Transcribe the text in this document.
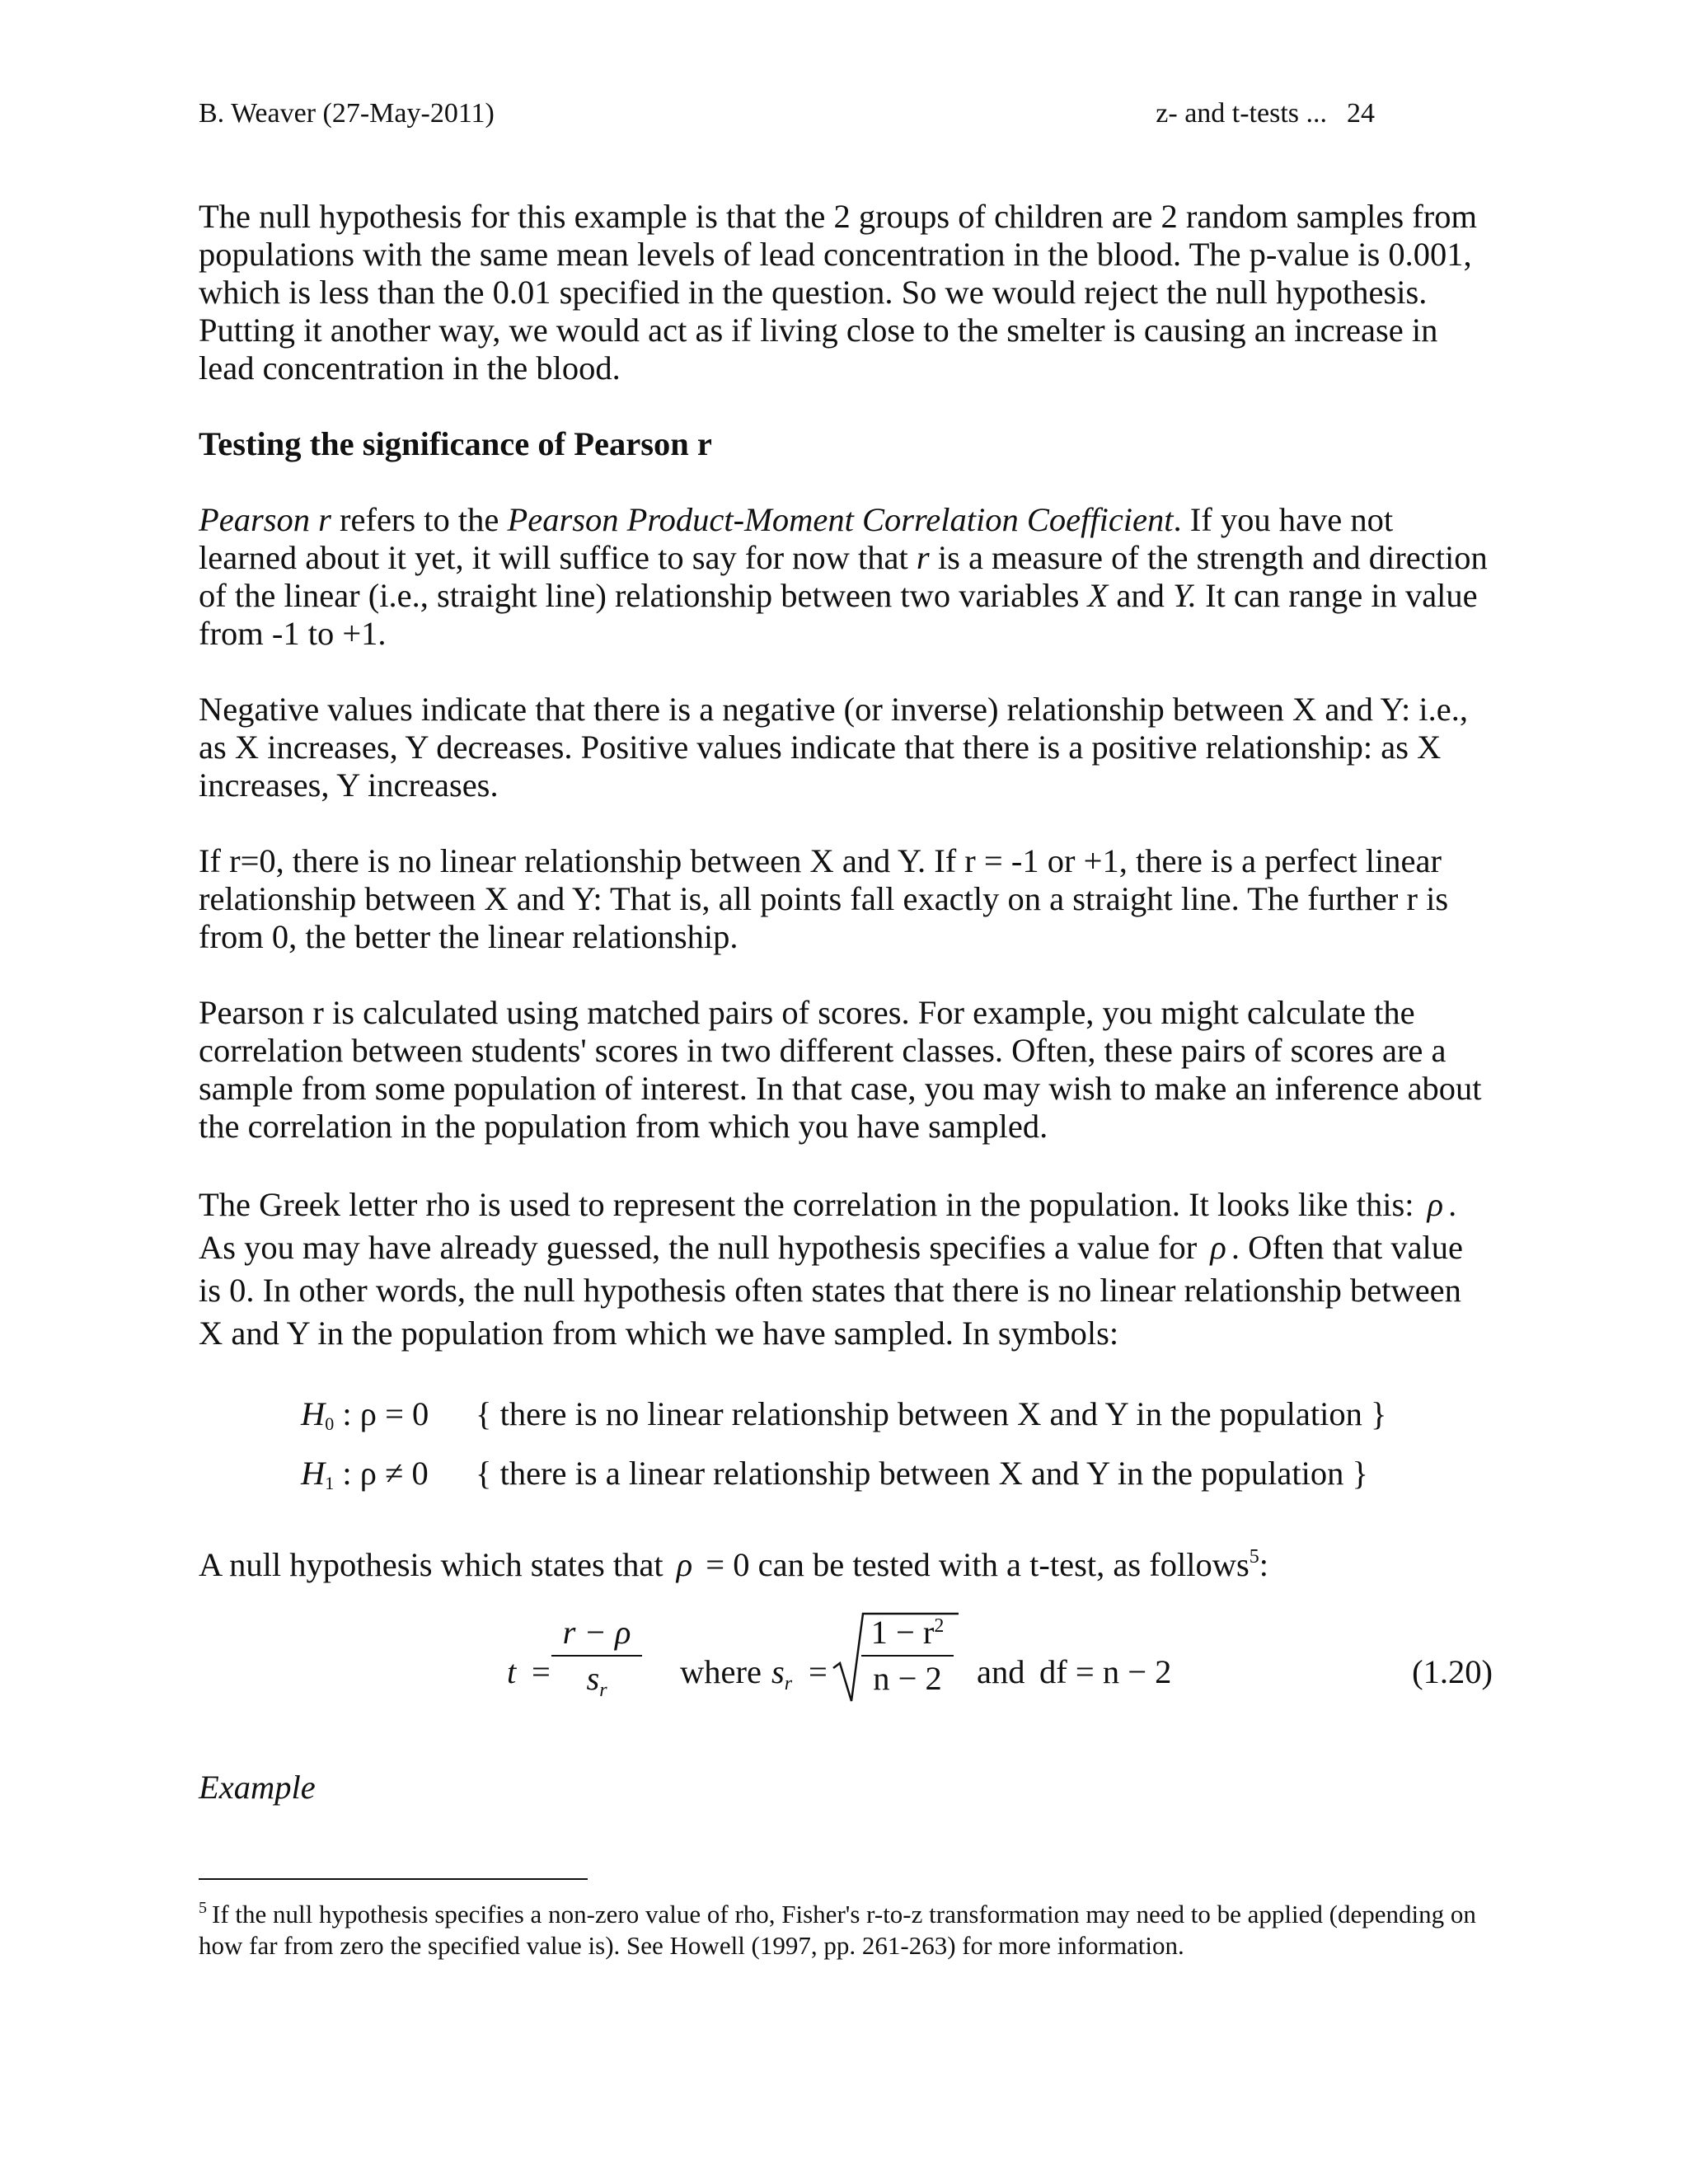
B. Weaver (27-May-2011)	z- and t-tests ... 24

The null hypothesis for this example is that the 2 groups of children are 2 random samples from populations with the same mean levels of lead concentration in the blood. The p-value is 0.001, which is less than the 0.01 specified in the question. So we would reject the null hypothesis. Putting it another way, we would act as if living close to the smelter is causing an increase in lead concentration in the blood.

Testing the significance of Pearson r

Pearson r refers to the Pearson Product-Moment Correlation Coefficient. If you have not learned about it yet, it will suffice to say for now that r is a measure of the strength and direction of the linear (i.e., straight line) relationship between two variables X and Y. It can range in value from -1 to +1.

Negative values indicate that there is a negative (or inverse) relationship between X and Y: i.e., as X increases, Y decreases. Positive values indicate that there is a positive relationship: as X increases, Y increases.

If r=0, there is no linear relationship between X and Y. If r = -1 or +1, there is a perfect linear relationship between X and Y: That is, all points fall exactly on a straight line. The further r is from 0, the better the linear relationship.

Pearson r is calculated using matched pairs of scores. For example, you might calculate the correlation between students' scores in two different classes. Often, these pairs of scores are a sample from some population of interest. In that case, you may wish to make an inference about the correlation in the population from which you have sampled.

The Greek letter rho is used to represent the correlation in the population. It looks like this: ρ . As you may have already guessed, the null hypothesis specifies a value for ρ . Often that value is 0. In other words, the null hypothesis often states that there is no linear relationship between X and Y in the population from which we have sampled. In symbols:

$H_0$ : ρ = 0	{ there is no linear relationship between X and Y in the population }
$H_1$ : ρ ≠ 0	{ there is a linear relationship between X and Y in the population }

A null hypothesis which states that ρ = 0 can be tested with a t-test, as follows$^5$:

t =
r − ρ
$s_r$	where $s_r$ =
$1 - r^2$
n − 2	and df = n − 2	(1.20)

Example

$^5$ If the null hypothesis specifies a non-zero value of rho, Fisher's r-to-z transformation may need to be applied (depending on how far from zero the specified value is). See Howell (1997, pp. 261-263) for more information.
